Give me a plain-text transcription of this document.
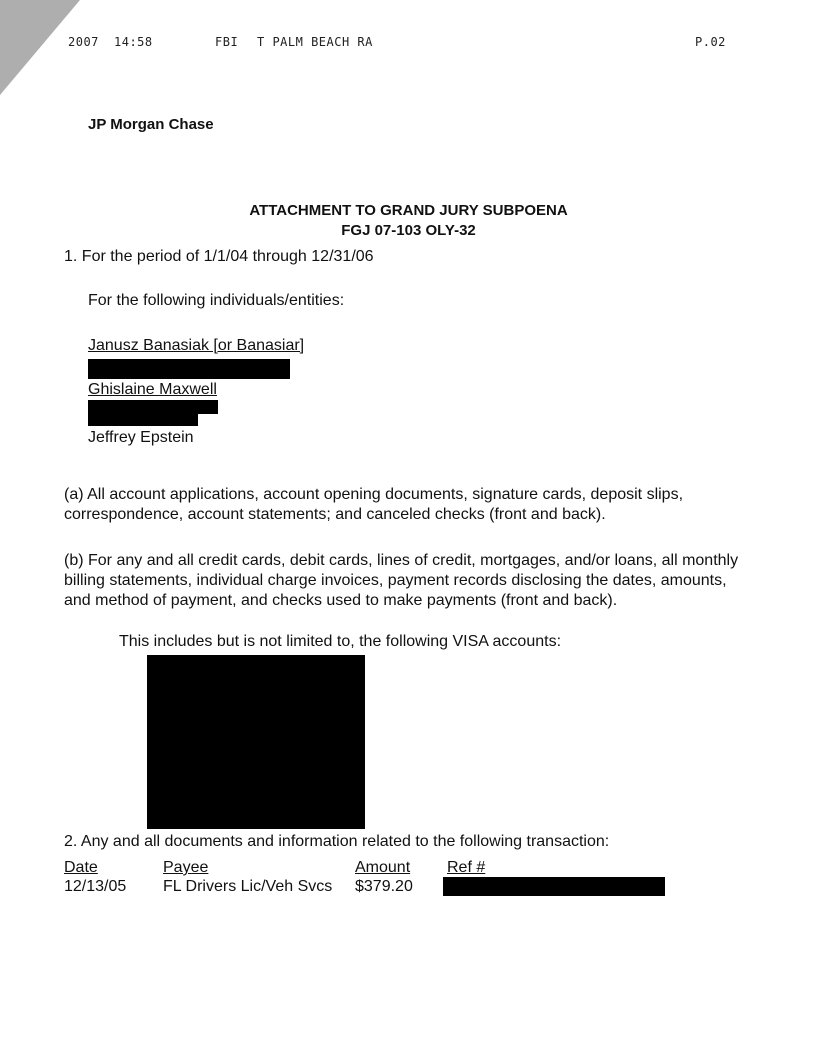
2007 14:58	FBI T PALM BEACH RA	P.02
JP Morgan Chase
ATTACHMENT TO GRAND JURY SUBPOENA
FGJ 07-103 OLY-32
1. For the period of 1/1/04 through 12/31/06
For the following individuals/entities:
Janusz Banasiak [or Banasiar]
Ghislaine Maxwell
Jeffrey Epstein
(a) All account applications, account opening documents, signature cards, deposit slips, correspondence, account statements; and canceled checks (front and back).
(b) For any and all credit cards, debit cards, lines of credit, mortgages, and/or loans, all monthly billing statements, individual charge invoices, payment records disclosing the dates, amounts, and method of payment, and checks used to make payments (front and back).
This includes but is not limited to, the following VISA accounts:
2. Any and all documents and information related to the following transaction:
Date	Payee	Amount Ref #
12/13/05 FL Drivers Lic/Veh Svcs $379.20
